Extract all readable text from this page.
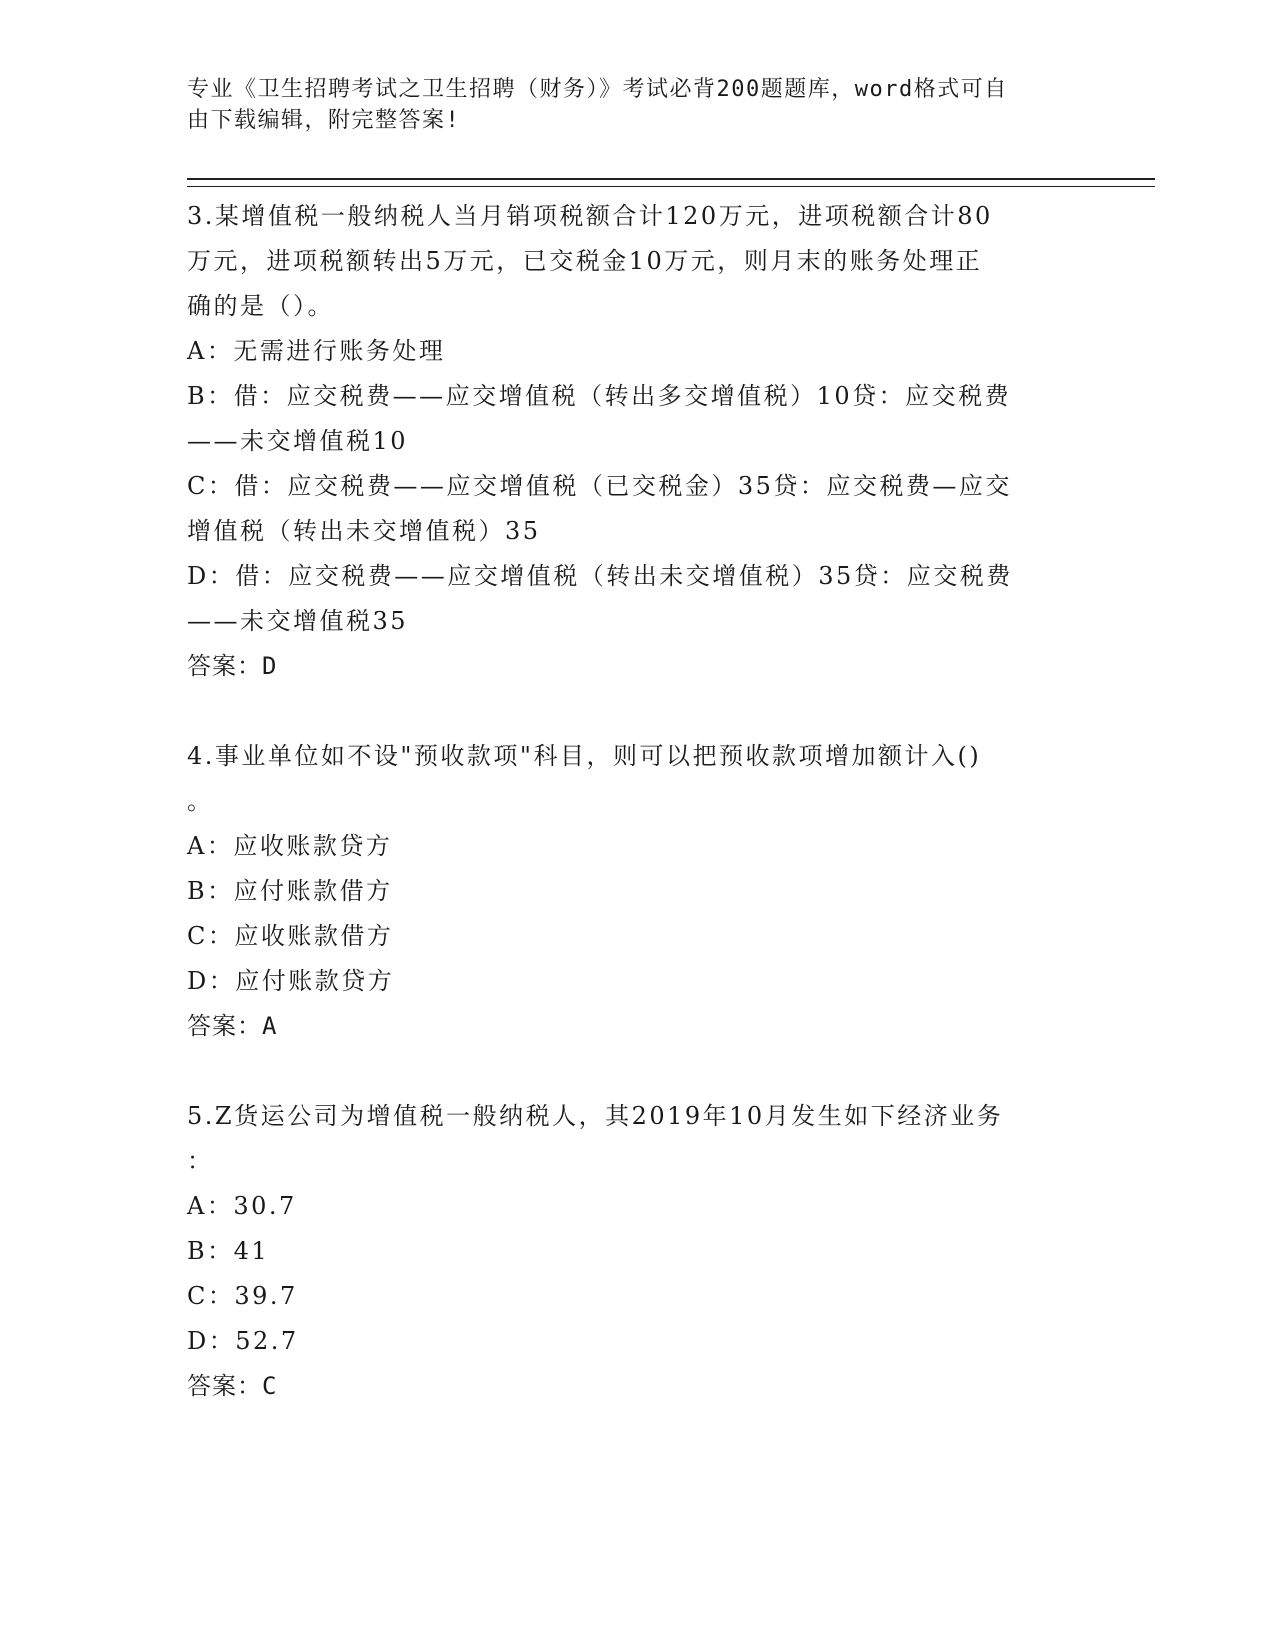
专业《卫生招聘考试之卫生招聘（财务）》考试必背200题题库，word格式可自

由下载编辑，附完整答案!

3.某增值税一般纳税人当月销项税额合计120万元，进项税额合计80

万元，进项税额转出5万元，已交税金10万元，则月末的账务处理正

确的是（）。

A：无需进行账务处理

B：借：应交税费——应交增值税（转出多交增值税）10贷：应交税费

——未交增值税10

C：借：应交税费——应交增值税（已交税金）35贷：应交税费—应交

增值税（转出未交增值税）35

D：借：应交税费——应交增值税（转出未交增值税）35贷：应交税费

——未交增值税35

答案：D

4.事业单位如不设"预收款项"科目，则可以把预收款项增加额计入()

。

A：应收账款贷方

B：应付账款借方

C：应收账款借方

D：应付账款贷方

答案：A

5.Z货运公司为增值税一般纳税人，其2019年10月发生如下经济业务

：

A：30.7

B：41

C：39.7

D：52.7

答案：C
